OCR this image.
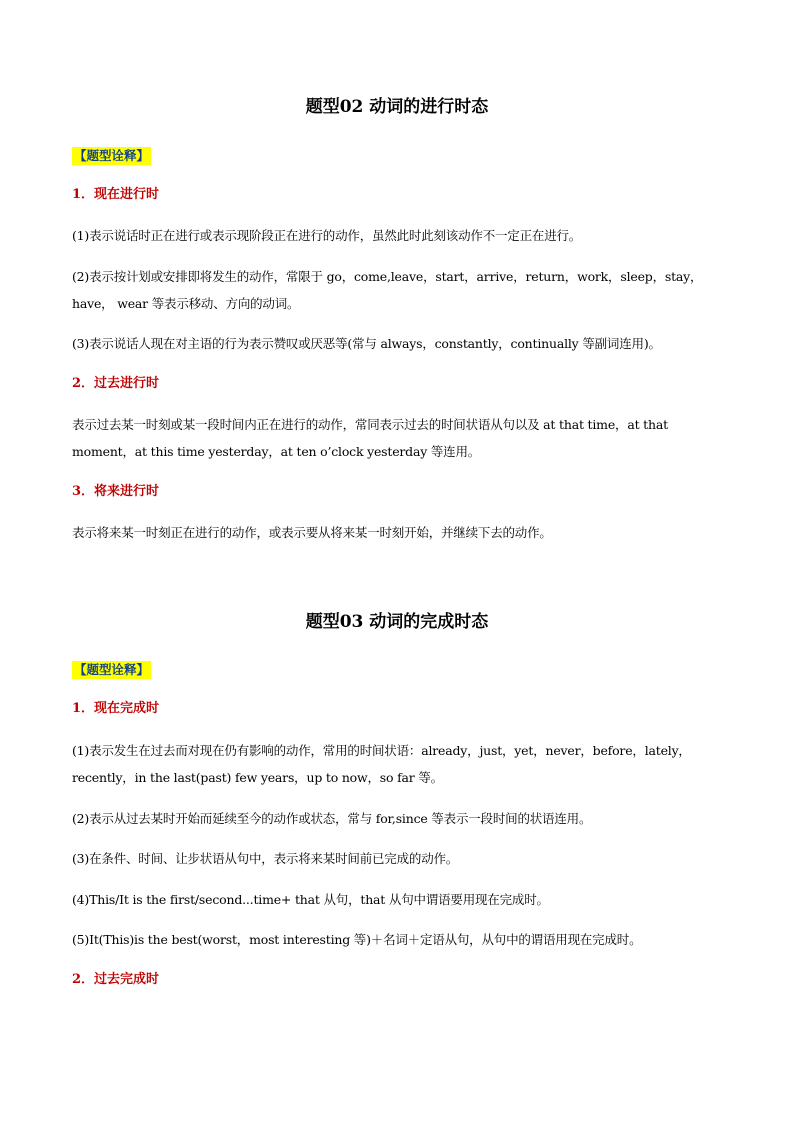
题型02 动词的进行时态
【题型诠释】
1．现在进行时
(1)表示说话时正在进行或表示现阶段正在进行的动作，虽然此时此刻该动作不一定正在进行。
(2)表示按计划或安排即将发生的动作，常限于 go，come,leave，start，arrive，return，work，sleep，stay，have， wear 等表示移动、方向的动词。
(3)表示说话人现在对主语的行为表示赞叹或厌恶等(常与 always，constantly，continually 等副词连用)。
2．过去进行时
表示过去某一时刻或某一段时间内正在进行的动作，常同表示过去的时间状语从句以及 at that time，at that moment，at this time yesterday，at ten o’clock yesterday 等连用。
3．将来进行时
表示将来某一时刻正在进行的动作，或表示要从将来某一时刻开始，并继续下去的动作。
题型03 动词的完成时态
【题型诠释】
1．现在完成时
(1)表示发生在过去而对现在仍有影响的动作，常用的时间状语：already，just，yet，never，before，lately，recently，in the last(past) few years，up to now，so far 等。
(2)表示从过去某时开始而延续至今的动作或状态，常与 for,since 等表示一段时间的状语连用。
(3)在条件、时间、让步状语从句中，表示将来某时间前已完成的动作。
(4)This/It is the first/second...time+ that 从句，that 从句中谓语要用现在完成时。
(5)It(This)is the best(worst，most interesting 等)＋名词＋定语从句，从句中的谓语用现在完成时。
2．过去完成时
